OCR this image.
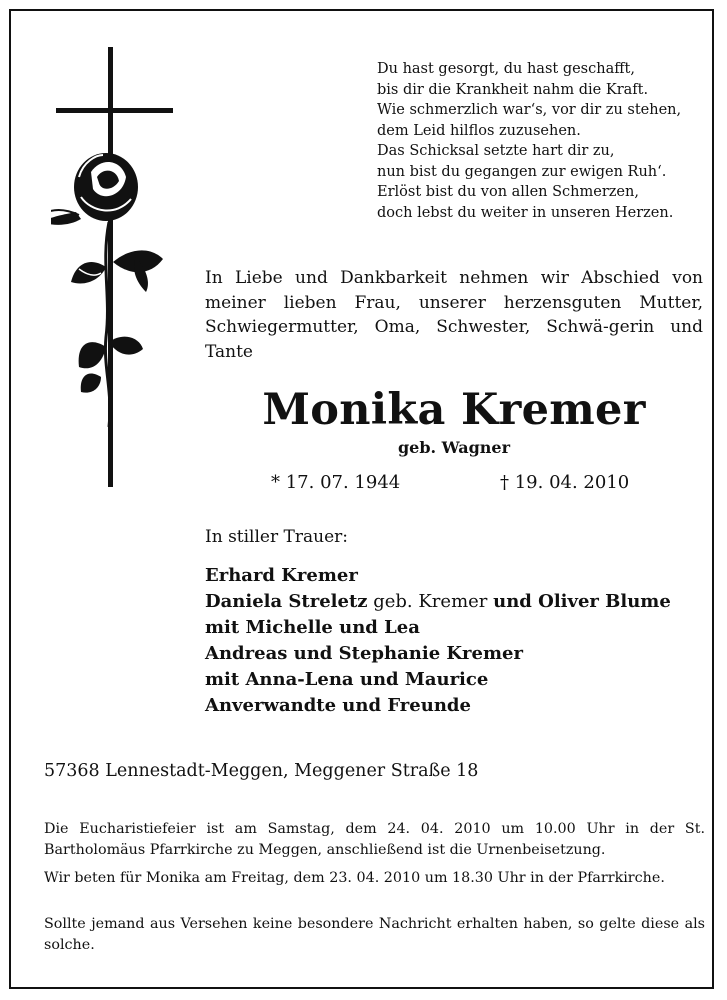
Du hast gesorgt, du hast geschafft,
bis dir die Krankheit nahm die Kraft.
Wie schmerzlich war‘s, vor dir zu stehen,
dem Leid hilflos zuzusehen.
Das Schicksal setzte hart dir zu,
nun bist du gegangen zur ewigen Ruh‘.
Erlöst bist du von allen Schmerzen,
doch lebst du weiter in unseren Herzen.
In Liebe und Dankbarkeit nehmen wir Abschied von meiner lieben Frau, unserer herzensguten Mutter, Schwiegermutter, Oma, Schwester, Schwä-gerin und Tante
Monika Kremer
geb. Wagner
* 17. 07. 1944	† 19. 04. 2010
In stiller Trauer:
Erhard Kremer
Daniela Streletz geb. Kremer und Oliver Blume
mit Michelle und Lea
Andreas und Stephanie Kremer
mit Anna-Lena und Maurice
Anverwandte und Freunde
57368 Lennestadt-Meggen, Meggener Straße 18
Die Eucharistiefeier ist am Samstag, dem 24. 04. 2010 um 10.00 Uhr in der St. Bartholomäus Pfarrkirche zu Meggen, anschließend ist die Urnenbeisetzung.
Wir beten für Monika am Freitag, dem 23. 04. 2010 um 18.30 Uhr in der Pfarrkirche.
Sollte jemand aus Versehen keine besondere Nachricht erhalten haben, so gelte diese als solche.
